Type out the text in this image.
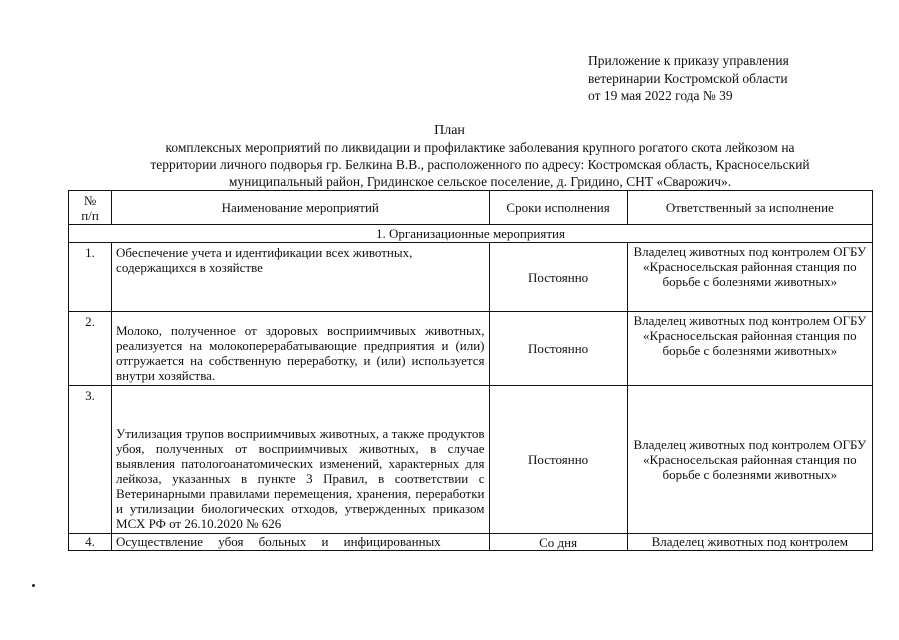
Приложение к приказу управления
ветеринарии Костромской области
от 19 мая 2022 года № 39
План
комплексных мероприятий по ликвидации и профилактике заболевания крупного рогатого скота лейкозом на
территории личного подворья гр. Белкина В.В., расположенного по адресу: Костромская область, Красносельский
муниципальный район, Гридинское сельское поселение, д. Гридино, СНТ «Сварожич».
№
п/п	Наименование мероприятий	Сроки исполнения	Ответственный за исполнение
1. Организационные мероприятия			
1.	Обеспечение учета и идентификации всех животных, содержащихся в хозяйстве	Постоянно	Владелец животных под контролем ОГБУ «Красносельская районная станция по борьбе с болезнями животных»
2.	Молоко, полученное от здоровых восприимчивых животных, реализуется на молокоперерабатывающие предприятия и (или) отгружается на собственную переработку, и (или) используется внутри хозяйства.	Постоянно	Владелец животных под контролем ОГБУ «Красносельская районная станция по борьбе с болезнями животных»
3.	Утилизация трупов восприимчивых животных, а также продуктов убоя, полученных от восприимчивых животных, в случае выявления патологоанатомических изменений, характерных для лейкоза, указанных в пункте 3 Правил, в соответствии с Ветеринарными правилами перемещения, хранения, переработки и утилизации биологических отходов, утвержденных приказом МСХ РФ от 26.10.2020 № 626	Постоянно	Владелец животных под контролем ОГБУ «Красносельская районная станция по борьбе с болезнями животных»
4.	Осуществление убоя больных и инфицированных	Со дня	Владелец животных под контролем
